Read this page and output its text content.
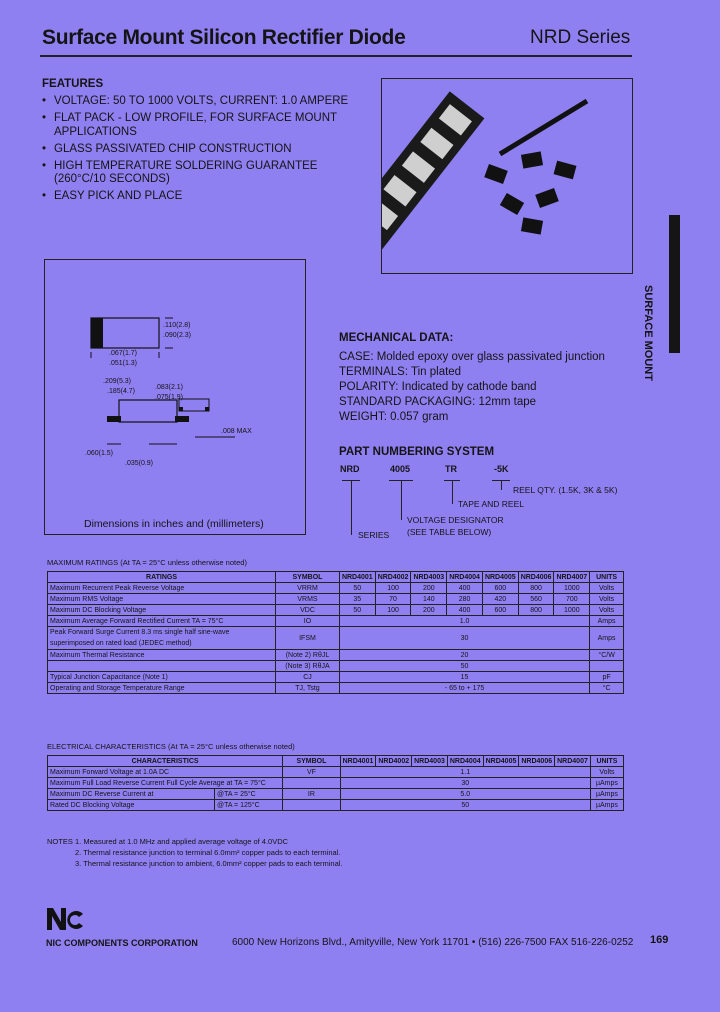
Surface Mount Silicon Rectifier Diode	NRD Series
FEATURES
• VOLTAGE: 50 TO 1000 VOLTS, CURRENT: 1.0 AMPERE
• FLAT PACK - LOW PROFILE, FOR SURFACE MOUNT APPLICATIONS
• GLASS PASSIVATED CHIP CONSTRUCTION
• HIGH TEMPERATURE SOLDERING GUARANTEE (260°C/10 SECONDS)
• EASY PICK AND PLACE
SURFACE MOUNT
.110(2.8)
.090(2.3)
.067(1.7)
.051(1.3)
.209(5.3)
.185(4.7)
.083(2.1)
.075(1.9)
.008 MAX
.060(1.5)
.035(0.9)
Dimensions in inches and (millimeters)
MECHANICAL DATA:
CASE: Molded epoxy over glass passivated junction
TERMINALS: Tin plated
POLARITY: Indicated by cathode band
STANDARD PACKAGING: 12mm tape
WEIGHT: 0.057 gram
PART NUMBERING SYSTEM
NRD	4005	TR	-5K
REEL QTY. (1.5K, 3K & 5K)
TAPE AND REEL
VOLTAGE DESIGNATOR
(SEE TABLE BELOW)
SERIES
MAXIMUM RATINGS (At TA = 25°C unless otherwise noted)
RATINGS	SYMBOL	NRD4001	NRD4002	NRD4003	NRD4004	NRD4005	NRD4006	NRD4007	UNITS
Maximum Recurrent Peak Reverse Voltage	VRRM	50	100	200	400	600	800	1000	Volts
Maximum RMS Voltage	VRMS	35	70	140	280	420	560	700	Volts
Maximum DC Blocking Voltage	VDC	50	100	200	400	600	800	1000	Volts
Maximum Average Forward Rectified Current TA = 75°C	IO	1.0							Amps
Peak Forward Surge Current 8.3 ms single half sine-wave superimposed on rated load (JEDEC method)	IFSM	30							Amps
Maximum Thermal Resistance	(Note 2) RθJL	20							°C/W
	(Note 3) RθJA	50							
Typical Junction Capacitance (Note 1)	CJ	15							pF
Operating and Storage Temperature Range	TJ, Tstg	- 65 to + 175							°C
ELECTRICAL CHARACTERISTICS (At TA = 25°C unless otherwise noted)
CHARACTERISTICS		SYMBOL	NRD4001	NRD4002	NRD4003	NRD4004	NRD4005	NRD4006	NRD4007	UNITS
Maximum Forward Voltage at 1.0A DC		VF	1.1							Volts
Maximum Full Load Reverse Current Full Cycle Average at TA = 75°C			30							µAmps
Maximum DC Reverse Current at	@TA = 25°C	IR	5.0							µAmps
Rated DC Blocking Voltage	@TA = 125°C		50							µAmps
NOTES 1. Measured at 1.0 MHz and applied average voltage of 4.0VDC
2. Thermal resistance junction to terminal 6.0mm² copper pads to each terminal.
3. Thermal resistance junction to ambient, 6.0mm² copper pads to each terminal.
NIC COMPONENTS CORPORATION	6000 New Horizons Blvd., Amityville, New York 11701 • (516) 226-7500 FAX 516-226-0252 169
